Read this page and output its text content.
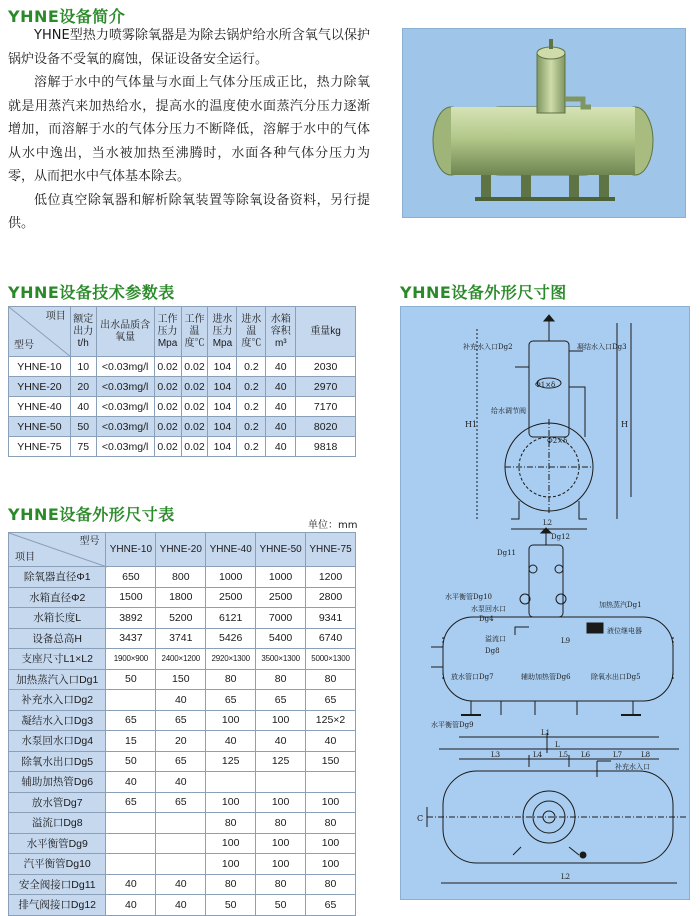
YHNE设备简介

YHNE型热力喷雾除氧器是为除去锅炉给水所含氧气以保护锅炉设备不受氧的腐蚀，保证设备安全运行。

溶解于水中的气体量与水面上气体分压成正比，热力除氧就是用蒸汽来加热给水，提高水的温度使水面蒸汽分压力逐渐增加，而溶解于水的气体分压力不断降低，溶解于水中的气体从水中逸出，当水被加热至沸腾时，水面各种气体分压力为零，从而把水中气体基本除去。

低位真空除氧器和解析除氧装置等除氧设备资料，另行提供。

YHNE设备技术参数表
项目
型号	额定出力t/h	出水品质含氧量	工作压力Mpa	工作温度℃	进水压力Mpa	进水温度℃	水箱容积m³	重量kg
YHNE-10	10	<0.03mg/l	0.02	0.02	104	0.2	40	2030
YHNE-20	20	<0.03mg/l	0.02	0.02	104	0.2	40	2970
YHNE-40	40	<0.03mg/l	0.02	0.02	104	0.2	40	7170
YHNE-50	50	<0.03mg/l	0.02	0.02	104	0.2	40	8020
YHNE-75	75	<0.03mg/l	0.02	0.02	104	0.2	40	9818
YHNE设备外形尺寸表
单位：mm
型号
项目	YHNE-10	YHNE-20	YHNE-40	YHNE-50	YHNE-75
除氧器直径Φ1	650	800	1000	1000	1200
水箱直径Φ2	1500	1800	2500	2500	2800
水箱长度L	3892	5200	6121	7000	9341
设备总高H	3437	3741	5426	5400	6740
支座尺寸L1×L2	1900×900	2400×1200	2920×1300	3500×1300	5000×1300
加热蒸汽入口Dg1	50	150	80	80	80
补充水入口Dg2		40	65	65	65
凝结水入口Dg3	65	65	100	100	125×2
水泵回水口Dg4	15	20	40	40	40
除氧水出口Dg5	50	65	125	125	150
辅助加热管Dg6	40	40			
放水管Dg7	65	65	100	100	100
溢流口Dg8			80	80	80
水平衡管Dg9			100	100	100
汽平衡管Dg10			100	100	100
安全阀接口Dg11	40	40	80	80	80
排气阀接口Dg12	40	40	50	50	65
YHNE设备外形尺寸图
补充水入口Dg2	凝结水入口Dg3
Φ1×δ
给水调节阀
Φ2×δ
H1	H
L2
Dg12
Dg11
水平衡管Dg10
水泵回水口
Dg4
加热蒸汽Dg1
溢流口
Dg8
L9
液位继电器
放水管口Dg7	辅助加热管Dg6	除氧水出口Dg5
水平衡管Dg9
L1
L
L3	L4 L5 L6	L7	L8
补充水入口
L2
C
